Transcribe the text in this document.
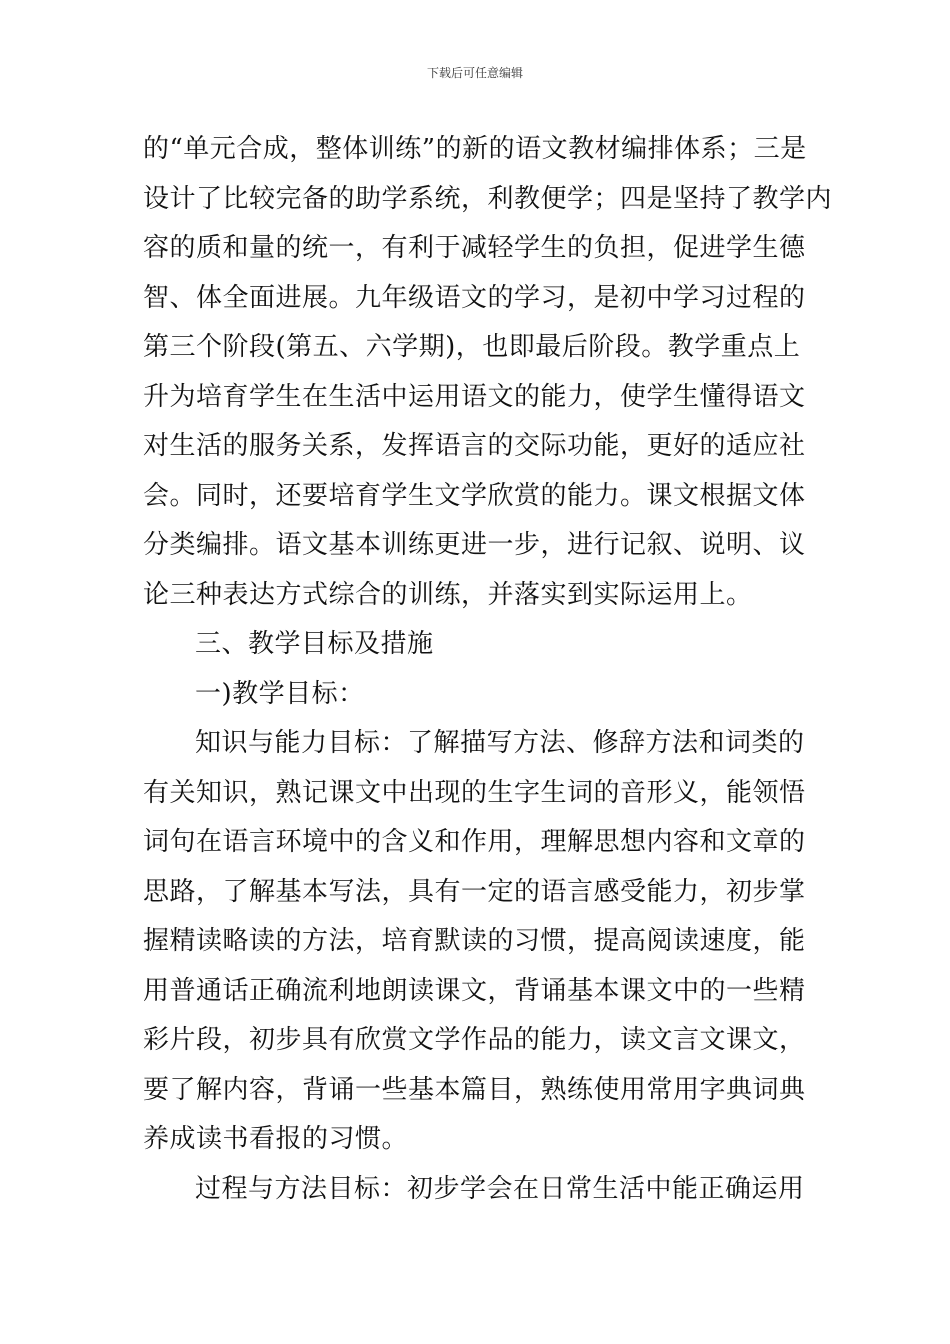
下载后可任意编辑
的“单元合成，整体训练”的新的语文教材编排体系；三是
设计了比较完备的助学系统，利教便学；四是坚持了教学内
容的质和量的统一，有利于减轻学生的负担，促进学生德
智、体全面进展。九年级语文的学习，是初中学习过程的
第三个阶段(第五、六学期)，也即最后阶段。教学重点上
升为培育学生在生活中运用语文的能力，使学生懂得语文
对生活的服务关系，发挥语言的交际功能，更好的适应社
会。同时，还要培育学生文学欣赏的能力。课文根据文体
分类编排。语文基本训练更进一步，进行记叙、说明、议
论三种表达方式综合的训练，并落实到实际运用上。
三、教学目标及措施
一)教学目标：
知识与能力目标：了解描写方法、修辞方法和词类的
有关知识，熟记课文中出现的生字生词的音形义，能领悟
词句在语言环境中的含义和作用，理解思想内容和文章的
思路，了解基本写法，具有一定的语言感受能力，初步掌
握精读略读的方法，培育默读的习惯，提高阅读速度，能
用普通话正确流利地朗读课文，背诵基本课文中的一些精
彩片段，初步具有欣赏文学作品的能力，读文言文课文，
要了解内容，背诵一些基本篇目，熟练使用常用字典词典
养成读书看报的习惯。
过程与方法目标：初步学会在日常生活中能正确运用
